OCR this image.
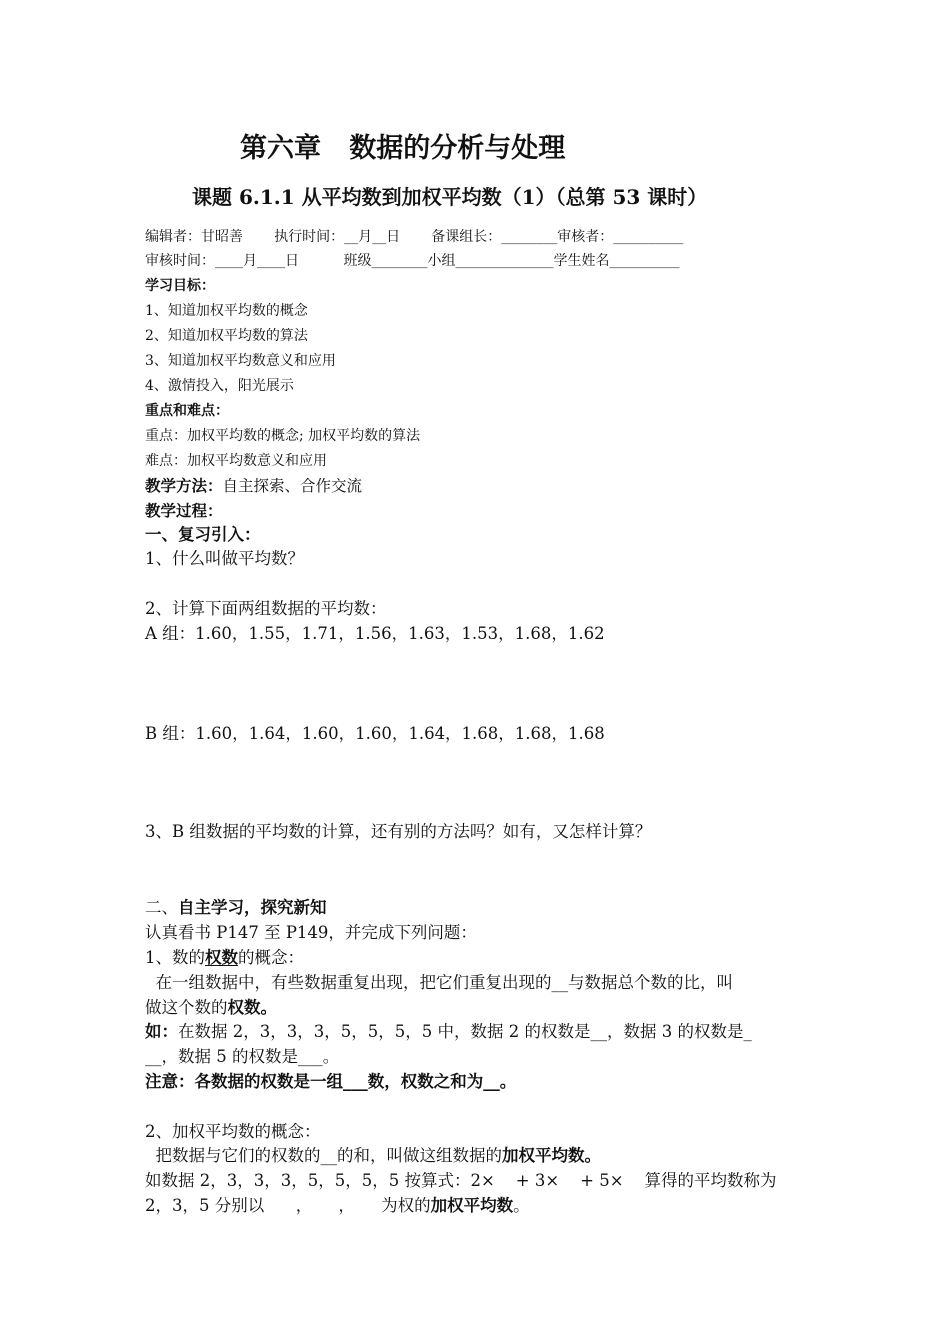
第六章   数据的分析与处理
课题 6.1.1 从平均数到加权平均数（1）（总第 53 课时）
编辑者：甘昭善       执行时间：__月__日       备课组长：________审核者：__________
审核时间：____月____日          班级________小组______________学生姓名__________
学习目标：
1、知道加权平均数的概念
2、知道加权平均数的算法
3、知道加权平均数意义和应用
4、激情投入，阳光展示
重点和难点：
重点：加权平均数的概念; 加权平均数的算法
难点：加权平均数意义和应用
教学方法：自主探索、合作交流
教学过程：
一、复习引入：
1、什么叫做平均数？
2、计算下面两组数据的平均数：
A 组：1.60，1.55，1.71，1.56，1.63，1.53，1.68，1.62
B 组：1.60，1.64，1.60，1.60，1.64，1.68，1.68，1.68
3、B 组数据的平均数的计算，还有别的方法吗？如有，又怎样计算？
二、自主学习，探究新知
认真看书 P147 至 P149，并完成下列问题：
1、数的权数的概念：
在一组数据中，有些数据重复出现，把它们重复出现的__与数据总个数的比，叫
做这个数的权数。
如：在数据 2，3，3，3，5，5，5，5 中，数据 2 的权数是__，数据 3 的权数是_
__，数据 5 的权数是___。
注意：各数据的权数是一组___数，权数之和为__。
2、加权平均数的概念：
把数据与它们的权数的__的和，叫做这组数据的加权平均数。
如数据 2，3，3，3，5，5，5，5 按算式：2×    + 3×    + 5×    算得的平均数称为
2，3，5 分别以      ，     ，     为权的加权平均数。
